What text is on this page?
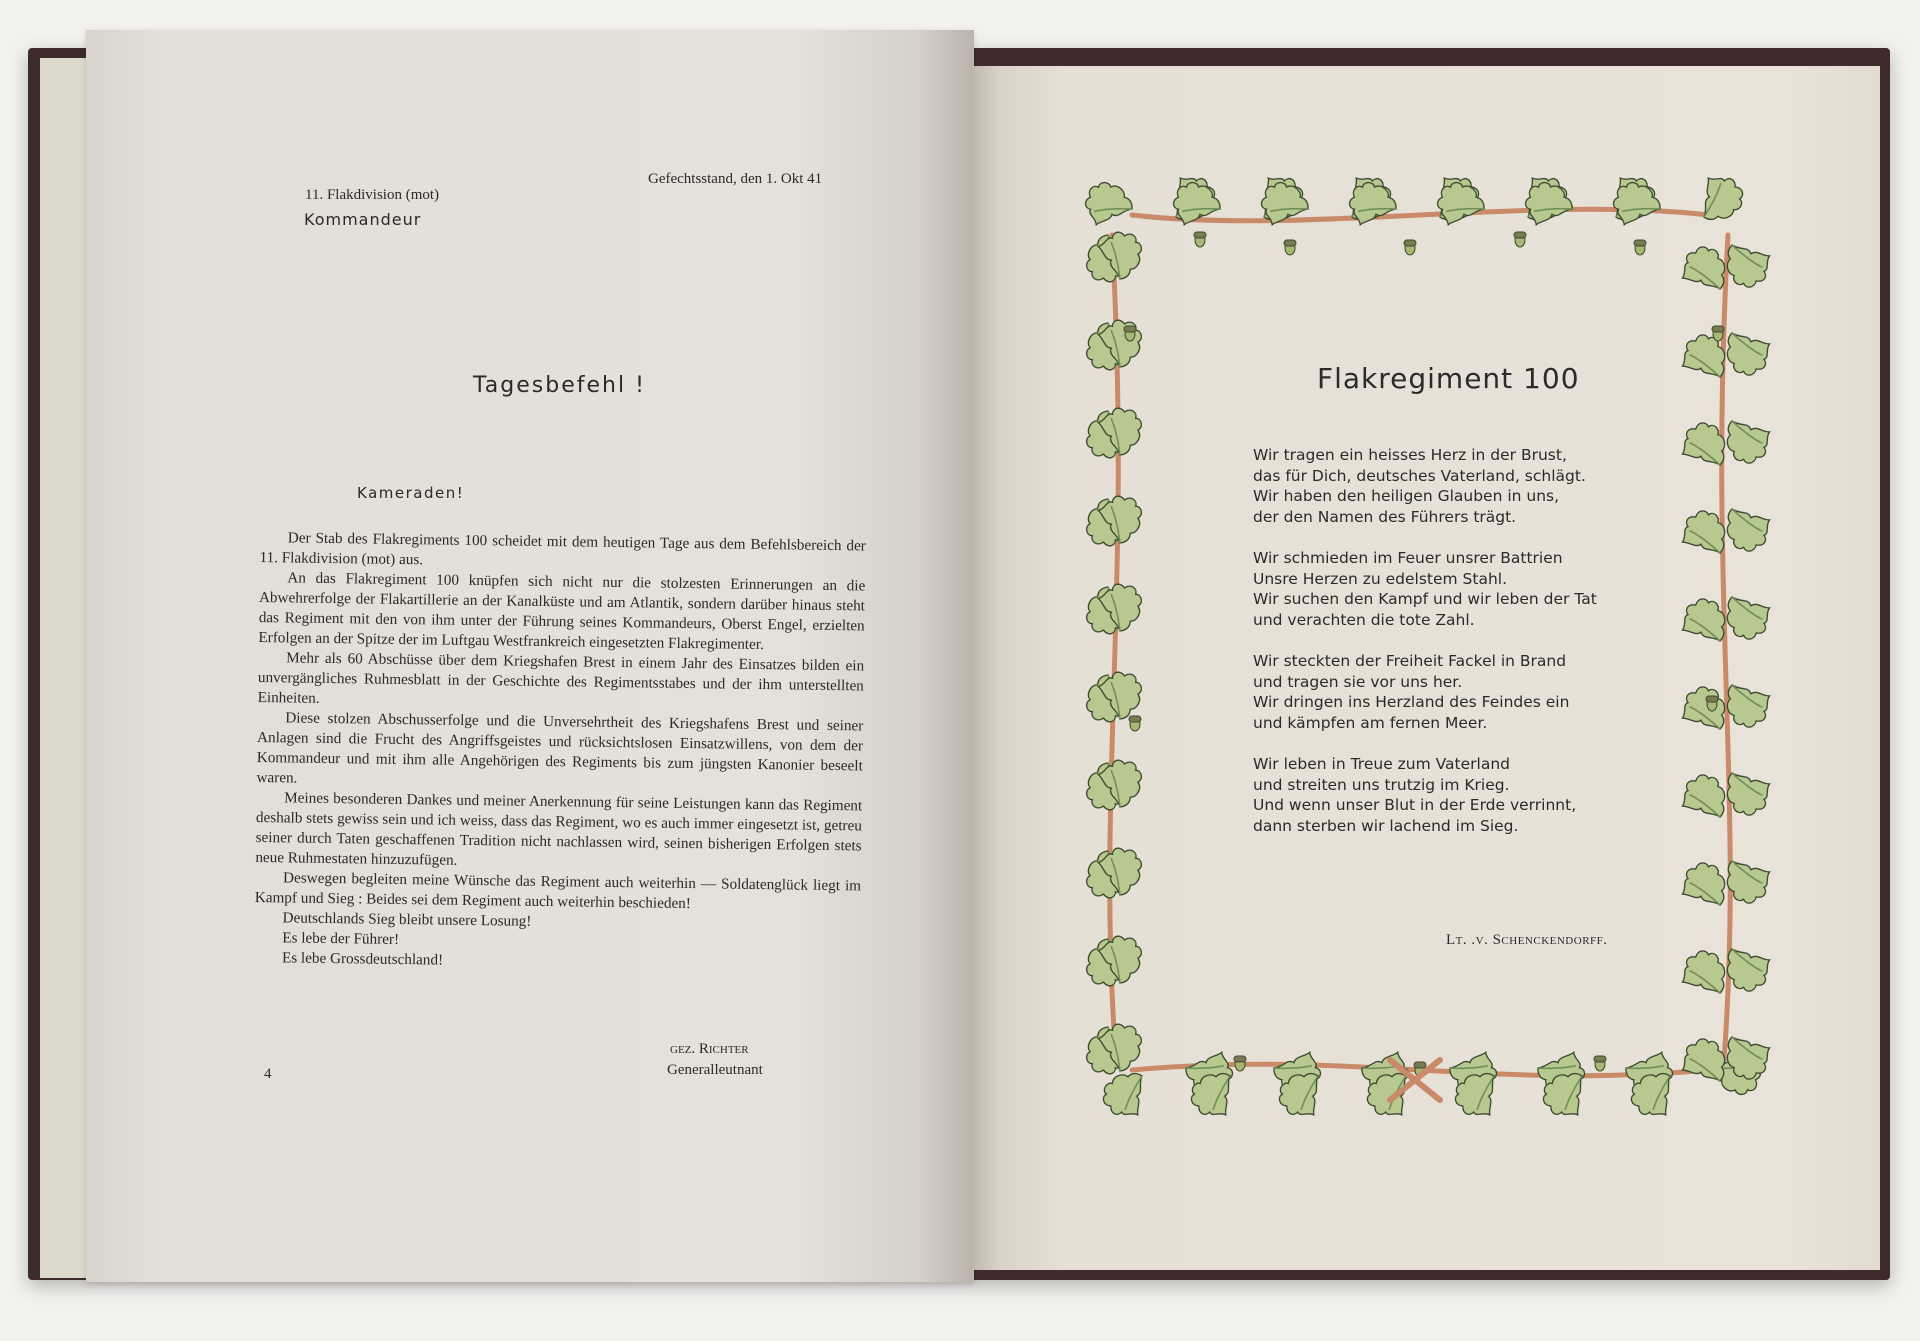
11. Flakdivision (mot)
Kommandeur
Gefechtsstand, den 1. Okt 41
Tagesbefehl !
Kameraden!

Der Stab des Flakregiments 100 scheidet mit dem heutigen Tage aus dem Befehlsbereich der 11. Flakdivision (mot) aus.

An das Flakregiment 100 knüpfen sich nicht nur die stolzesten Erinnerungen an die Abwehrerfolge der Flakartillerie an der Kanalküste und am Atlantik, sondern darüber hinaus steht das Regiment mit den von ihm unter der Führung seines Kommandeurs, Oberst Engel, erzielten Erfolgen an der Spitze der im Luftgau Westfrankreich eingesetzten Flakregimenter.

Mehr als 60 Abschüsse über dem Kriegshafen Brest in einem Jahr des Einsatzes bilden ein unvergängliches Ruhmesblatt in der Geschichte des Regimentsstabes und der ihm unterstellten Einheiten.

Diese stolzen Abschusserfolge und die Unversehrtheit des Kriegshafens Brest und seiner Anlagen sind die Frucht des Angriffsgeistes und rücksichtslosen Einsatzwillens, von dem der Kommandeur und mit ihm alle Angehörigen des Regiments bis zum jüngsten Kanonier beseelt waren.

Meines besonderen Dankes und meiner Anerkennung für seine Leistungen kann das Regiment deshalb stets gewiss sein und ich weiss, dass das Regiment, wo es auch immer eingesetzt ist, getreu seiner durch Taten geschaffenen Tradition nicht nachlassen wird, seinen bisherigen Erfolgen stets neue Ruhmestaten hinzuzufügen.

Deswegen begleiten meine Wünsche das Regiment auch weiterhin — Soldatenglück liegt im Kampf und Sieg : Beides sei dem Regiment auch weiterhin beschieden!

Deutschlands Sieg bleibt unsere Losung!

Es lebe der Führer!

Es lebe Grossdeutschland!

gez. Richter
Generalleutnant
4
Flakregiment 100
Wir tragen ein heisses Herz in der Brust,
das für Dich, deutsches Vaterland, schlägt.
Wir haben den heiligen Glauben in uns,
der den Namen des Führers trägt.
Wir schmieden im Feuer unsrer Battrien
Unsre Herzen zu edelstem Stahl.
Wir suchen den Kampf und wir leben der Tat
und verachten die tote Zahl.
Wir steckten der Freiheit Fackel in Brand
und tragen sie vor uns her.
Wir dringen ins Herzland des Feindes ein
und kämpfen am fernen Meer.
Wir leben in Treue zum Vaterland
und streiten uns trutzig im Krieg.
Und wenn unser Blut in der Erde verrinnt,
dann sterben wir lachend im Sieg.
Lt. .v. Schenckendorff.
